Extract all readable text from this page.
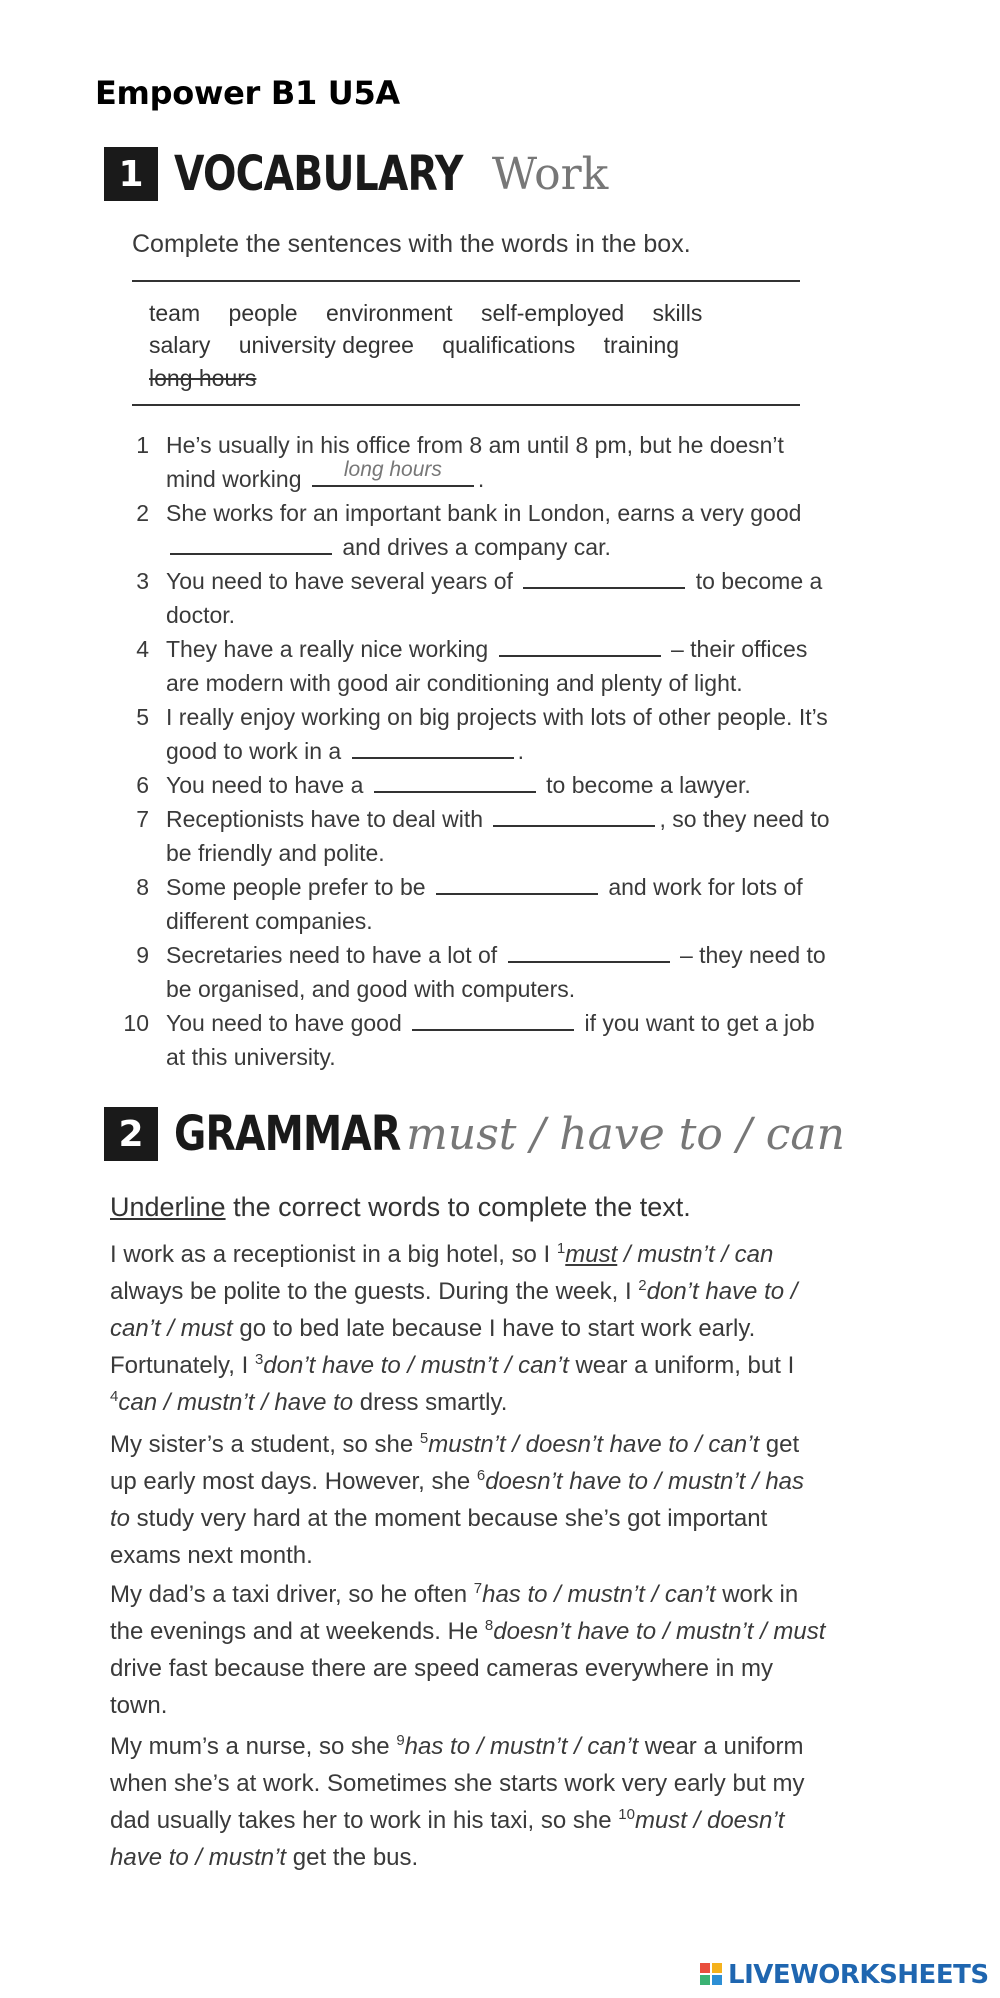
Empower B1 U5A
1 VOCABULARY Work
Complete the sentences with the words in the box.
team people environment self-employed skills
salary university degree qualifications training
long hours
1 He’s usually in his office from 8 am until 8 pm, but he doesn’t mind working	long hours	.
2 She works for an important bank in London, earns a very good
and drives a company car.
3 You need to have several years of	to become a doctor.
4 They have a really nice working	– their offices are modern with good air conditioning and plenty of light.
5 I really enjoy working on big projects with lots of other people. It’s good to work in a	.
6 You need to have a	to become a lawyer.
7 Receptionists have to deal with	, so they need to be friendly and polite.
8 Some people prefer to be	and work for lots of different companies.
9 Secretaries need to have a lot of	– they need to be organised, and good with computers.
10 You need to have good	if you want to get a job at this university.
2 GRAMMAR must / have to / can
Underline the correct words to complete the text.
I work as a receptionist in a big hotel, so I $^1$must / mustn’t / can always be polite to the guests. During the week, I $^2$don’t have to / can’t / must go to bed late because I have to start work early. Fortunately, I $^3$don’t have to / mustn’t / can’t wear a uniform, but I $^4$can / mustn’t / have to dress smartly.
My sister’s a student, so she $^5$mustn’t / doesn’t have to / can’t get up early most days. However, she $^6$doesn’t have to / mustn’t / has to study very hard at the moment because she’s got important exams next month.
My dad’s a taxi driver, so he often $^7$has to / mustn’t / can’t work in the evenings and at weekends. He $^8$doesn’t have to / mustn’t / must drive fast because there are speed cameras everywhere in my town.
My mum’s a nurse, so she $^9$has to / mustn’t / can’t wear a uniform when she’s at work. Sometimes she starts work very early but my dad usually takes her to work in his taxi, so she $^{10}$must / doesn’t have to / mustn’t get the bus.
LIVEWORKSHEETS
